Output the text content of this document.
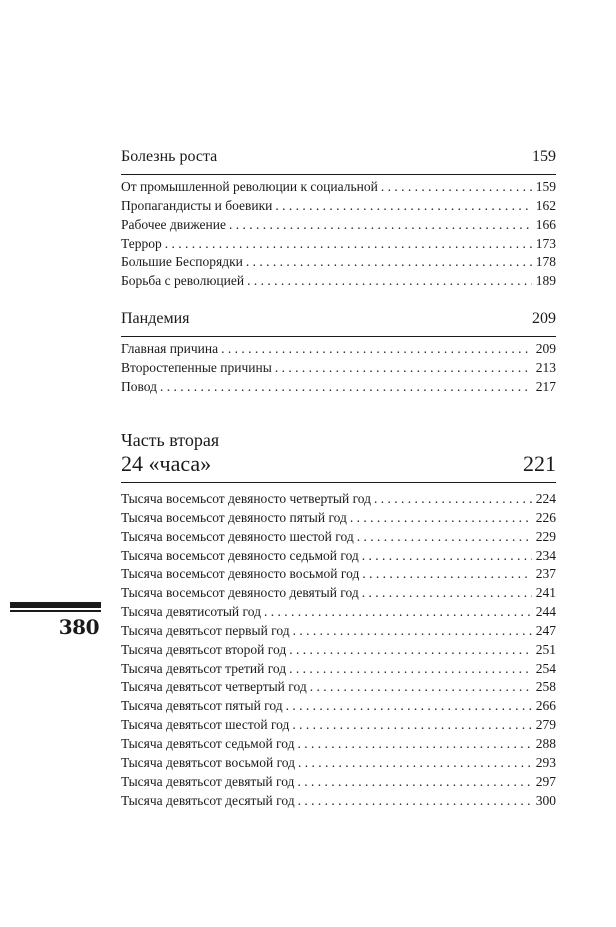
Болезнь роста	159
От промышленной революции к социальной . . .	159
Пропагандисты и боевики . . .	162
Рабочее движение . . .	166
Террор . . .	173
Большие Беспорядки . . .	178
Борьба с революцией . . .	189
Пандемия	209
Главная причина . . .	209
Второстепенные причины . . .	213
Повод . . .	217
Часть вторая
24 «часа»	221
Тысяча восемьсот девяносто четвертый год . . .	224
Тысяча восемьсот девяносто пятый год . . .	226
Тысяча восемьсот девяносто шестой год . . .	229
Тысяча восемьсот девяносто седьмой год . . .	234
Тысяча восемьсот девяносто восьмой год . . .	237
Тысяча восемьсот девяносто девятый год . . .	241
Тысяча девятисотый год . . .	244
Тысяча девятьсот первый год . . .	247
Тысяча девятьсот второй год . . .	251
Тысяча девятьсот третий год . . .	254
Тысяча девятьсот четвертый год . . .	258
Тысяча девятьсот пятый год . . .	266
Тысяча девятьсот шестой год . . .	279
Тысяча девятьсот седьмой год . . .	288
Тысяча девятьсот восьмой год . . .	293
Тысяча девятьсот девятый год . . .	297
Тысяча девятьсот десятый год . . .	300
380
